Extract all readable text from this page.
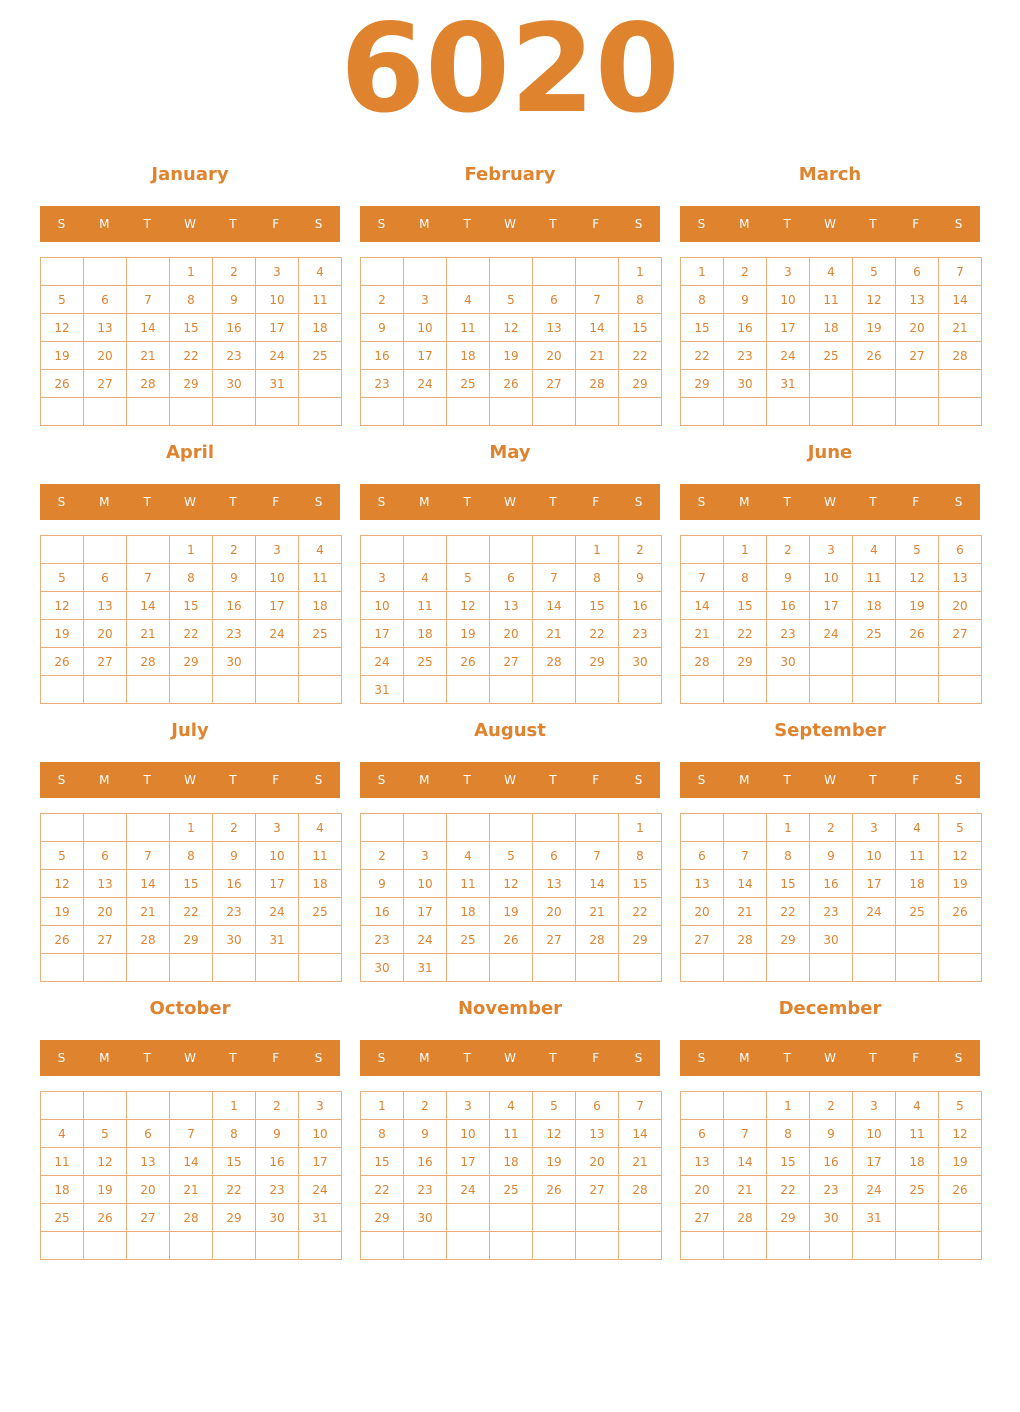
6020
January
S	M	T	W	T	F	S
			1	2	3	4
5	6	7	8	9	10	11
12	13	14	15	16	17	18
19	20	21	22	23	24	25
26	27	28	29	30	31	

February
S	M	T	W	T	F	S
						1
2	3	4	5	6	7	8
9	10	11	12	13	14	15
16	17	18	19	20	21	22
23	24	25	26	27	28	29

March
S	M	T	W	T	F	S
1	2	3	4	5	6	7
8	9	10	11	12	13	14
15	16	17	18	19	20	21
22	23	24	25	26	27	28
29	30	31				

April
S	M	T	W	T	F	S
			1	2	3	4
5	6	7	8	9	10	11
12	13	14	15	16	17	18
19	20	21	22	23	24	25
26	27	28	29	30		

May
S	M	T	W	T	F	S
					1	2
3	4	5	6	7	8	9
10	11	12	13	14	15	16
17	18	19	20	21	22	23
24	25	26	27	28	29	30
31						
June
S	M	T	W	T	F	S
	1	2	3	4	5	6
7	8	9	10	11	12	13
14	15	16	17	18	19	20
21	22	23	24	25	26	27
28	29	30				

July
S	M	T	W	T	F	S
			1	2	3	4
5	6	7	8	9	10	11
12	13	14	15	16	17	18
19	20	21	22	23	24	25
26	27	28	29	30	31	

August
S	M	T	W	T	F	S
						1
2	3	4	5	6	7	8
9	10	11	12	13	14	15
16	17	18	19	20	21	22
23	24	25	26	27	28	29
30	31					
September
S	M	T	W	T	F	S
		1	2	3	4	5
6	7	8	9	10	11	12
13	14	15	16	17	18	19
20	21	22	23	24	25	26
27	28	29	30			

October
S	M	T	W	T	F	S
				1	2	3
4	5	6	7	8	9	10
11	12	13	14	15	16	17
18	19	20	21	22	23	24
25	26	27	28	29	30	31

November
S	M	T	W	T	F	S
1	2	3	4	5	6	7
8	9	10	11	12	13	14
15	16	17	18	19	20	21
22	23	24	25	26	27	28
29	30					

December
S	M	T	W	T	F	S
		1	2	3	4	5
6	7	8	9	10	11	12
13	14	15	16	17	18	19
20	21	22	23	24	25	26
27	28	29	30	31		
